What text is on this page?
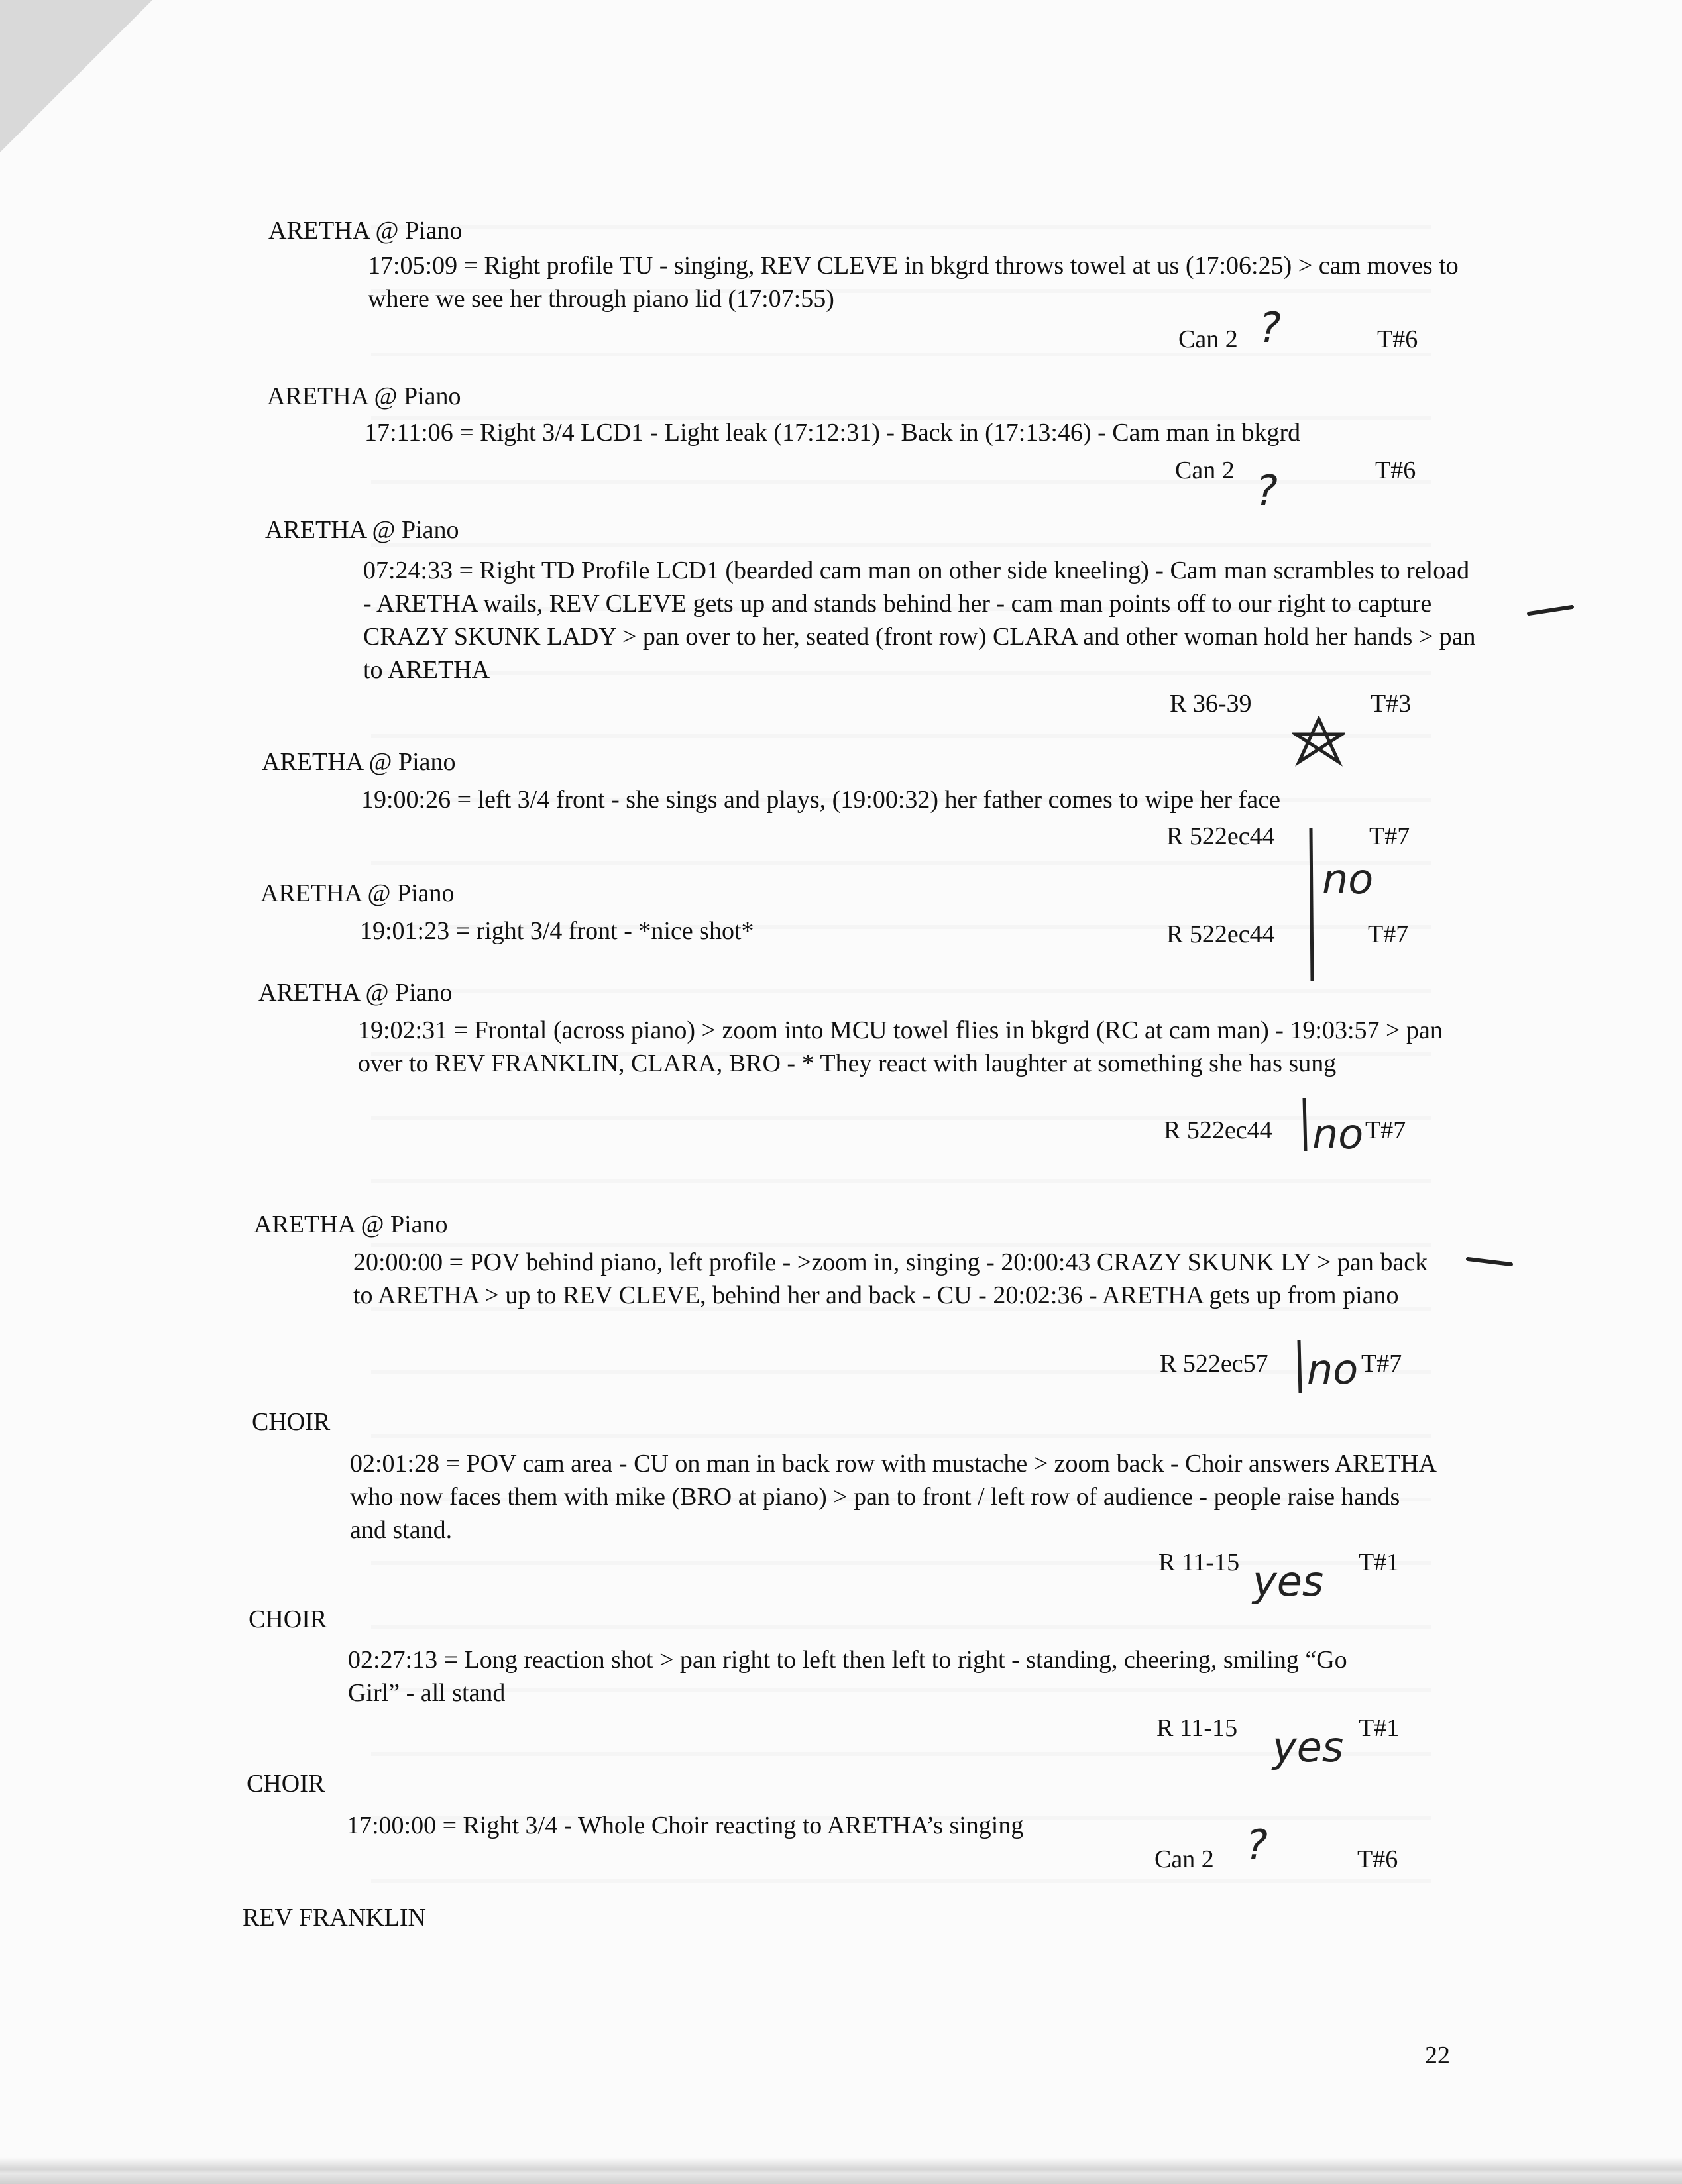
ARETHA @ Piano
17:05:09 = Right profile TU - singing, REV CLEVE in bkgrd throws towel at us (17:06:25) > cam moves to where we see her through piano lid (17:07:55)
Can 2	T#6
ARETHA @ Piano
17:11:06 = Right 3/4 LCD1 - Light leak (17:12:31) - Back in (17:13:46) - Cam man in bkgrd
Can 2	T#6
ARETHA @ Piano
07:24:33 = Right TD Profile LCD1 (bearded cam man on other side kneeling) - Cam man scrambles to reload - ARETHA wails, REV CLEVE gets up and stands behind her - cam man points off to our right to capture CRAZY SKUNK LADY > pan over to her, seated (front row) CLARA and other woman hold her hands > pan to ARETHA
R 36-39	T#3
ARETHA @ Piano
19:00:26 = left 3/4 front - she sings and plays, (19:00:32) her father comes to wipe her face
R 522ec44	T#7
ARETHA @ Piano
19:01:23 = right 3/4 front - *nice shot*	R 522ec44	T#7
ARETHA @ Piano
19:02:31 = Frontal (across piano) > zoom into MCU towel flies in bkgrd (RC at cam man) - 19:03:57 > pan over to REV FRANKLIN, CLARA, BRO - * They react with laughter at something she has sung
R 522ec44	T#7
ARETHA @ Piano
20:00:00 = POV behind piano, left profile - >zoom in, singing - 20:00:43 CRAZY SKUNK LY > pan back to ARETHA > up to REV CLEVE, behind her and back - CU - 20:02:36 - ARETHA gets up from piano
R 522ec57	T#7
CHOIR
02:01:28 = POV cam area - CU on man in back row with mustache > zoom back - Choir answers ARETHA who now faces them with mike (BRO at piano) > pan to front / left row of audience - people raise hands and stand.
R 11-15	T#1
CHOIR
02:27:13 = Long reaction shot > pan right to left then left to right - standing, cheering, smiling “Go Girl” - all stand
R 11-15	T#1
CHOIR
17:00:00 = Right 3/4 - Whole Choir reacting to ARETHA’s singing
Can 2	T#6
REV FRANKLIN
?
?
no
no
no
yes
yes
?
22
